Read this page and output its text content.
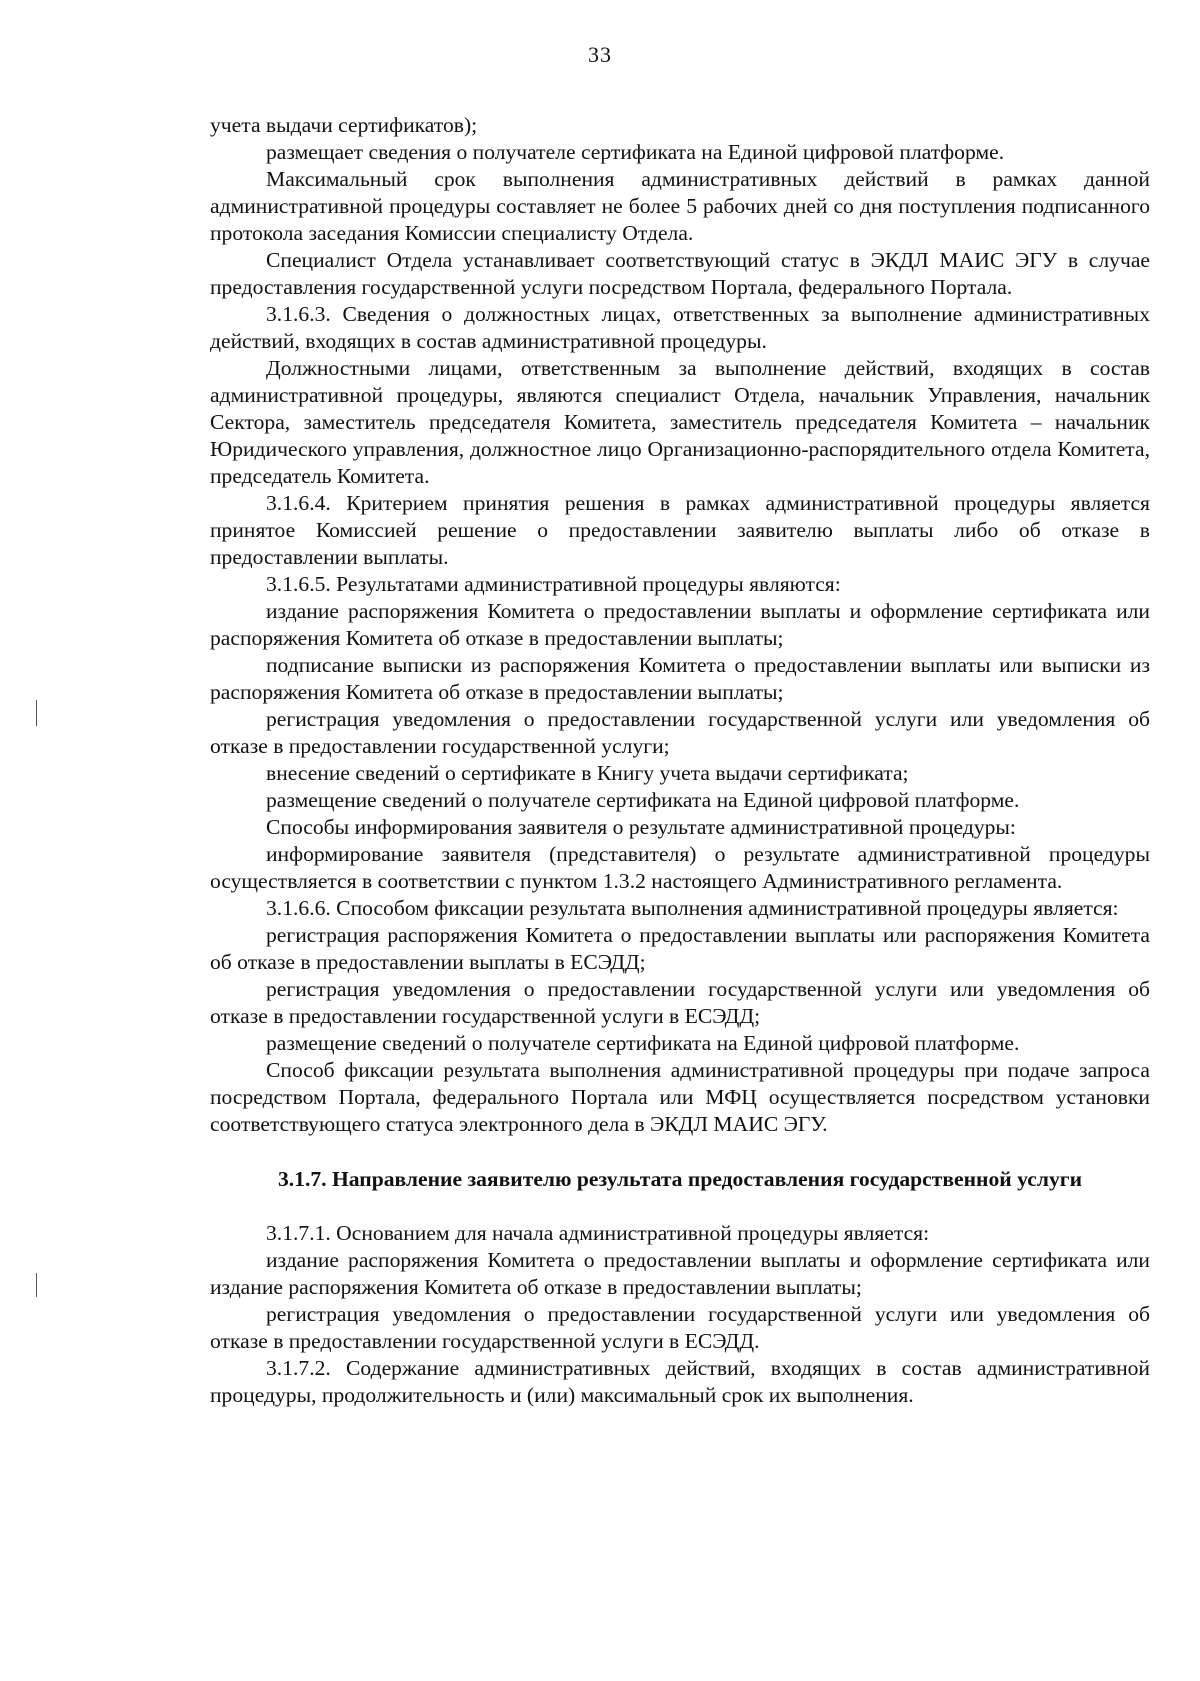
33

учета выдачи сертификатов);

размещает сведения о получателе сертификата на Единой цифровой платформе.

Максимальный срок выполнения административных действий в рамках данной административной процедуры составляет не более 5 рабочих дней со дня поступления подписанного протокола заседания Комиссии специалисту Отдела.

Специалист Отдела устанавливает соответствующий статус в ЭКДЛ МАИС ЭГУ в случае предоставления государственной услуги посредством Портала, федерального Портала.

3.1.6.3. Сведения о должностных лицах, ответственных за выполнение административных действий, входящих в состав административной процедуры.

Должностными лицами, ответственным за выполнение действий, входящих в состав административной процедуры, являются специалист Отдела, начальник Управления, начальник Сектора, заместитель председателя Комитета, заместитель председателя Комитета – начальник Юридического управления, должностное лицо Организационно-распорядительного отдела Комитета, председатель Комитета.

3.1.6.4. Критерием принятия решения в рамках административной процедуры является принятое Комиссией решение о предоставлении заявителю выплаты либо об отказе в предоставлении выплаты.

3.1.6.5. Результатами административной процедуры являются:

издание распоряжения Комитета о предоставлении выплаты и оформление сертификата или распоряжения Комитета об отказе в предоставлении выплаты;

подписание выписки из распоряжения Комитета о предоставлении выплаты или выписки из распоряжения Комитета об отказе в предоставлении выплаты;

регистрация уведомления о предоставлении государственной услуги или уведомления об отказе в предоставлении государственной услуги;

внесение сведений о сертификате в Книгу учета выдачи сертификата;

размещение сведений о получателе сертификата на Единой цифровой платформе.

Способы информирования заявителя о результате административной процедуры:

информирование заявителя (представителя) о результате административной процедуры осуществляется в соответствии с пунктом 1.3.2 настоящего Административного регламента.

3.1.6.6. Способом фиксации результата выполнения административной процедуры является:

регистрация распоряжения Комитета о предоставлении выплаты или распоряжения Комитета об отказе в предоставлении выплаты в ЕСЭДД;

регистрация уведомления о предоставлении государственной услуги или уведомления об отказе в предоставлении государственной услуги в ЕСЭДД;

размещение сведений о получателе сертификата на Единой цифровой платформе.

Способ фиксации результата выполнения административной процедуры при подаче запроса посредством Портала, федерального Портала или МФЦ осуществляется посредством установки соответствующего статуса электронного дела в ЭКДЛ МАИС ЭГУ.

3.1.7. Направление заявителю результата предоставления государственной услуги

3.1.7.1. Основанием для начала административной процедуры является:

издание распоряжения Комитета о предоставлении выплаты и оформление сертификата или издание распоряжения Комитета об отказе в предоставлении выплаты;

регистрация уведомления о предоставлении государственной услуги или уведомления об отказе в предоставлении государственной услуги в ЕСЭДД.

3.1.7.2. Содержание административных действий, входящих в состав административной процедуры, продолжительность и (или) максимальный срок их выполнения.
